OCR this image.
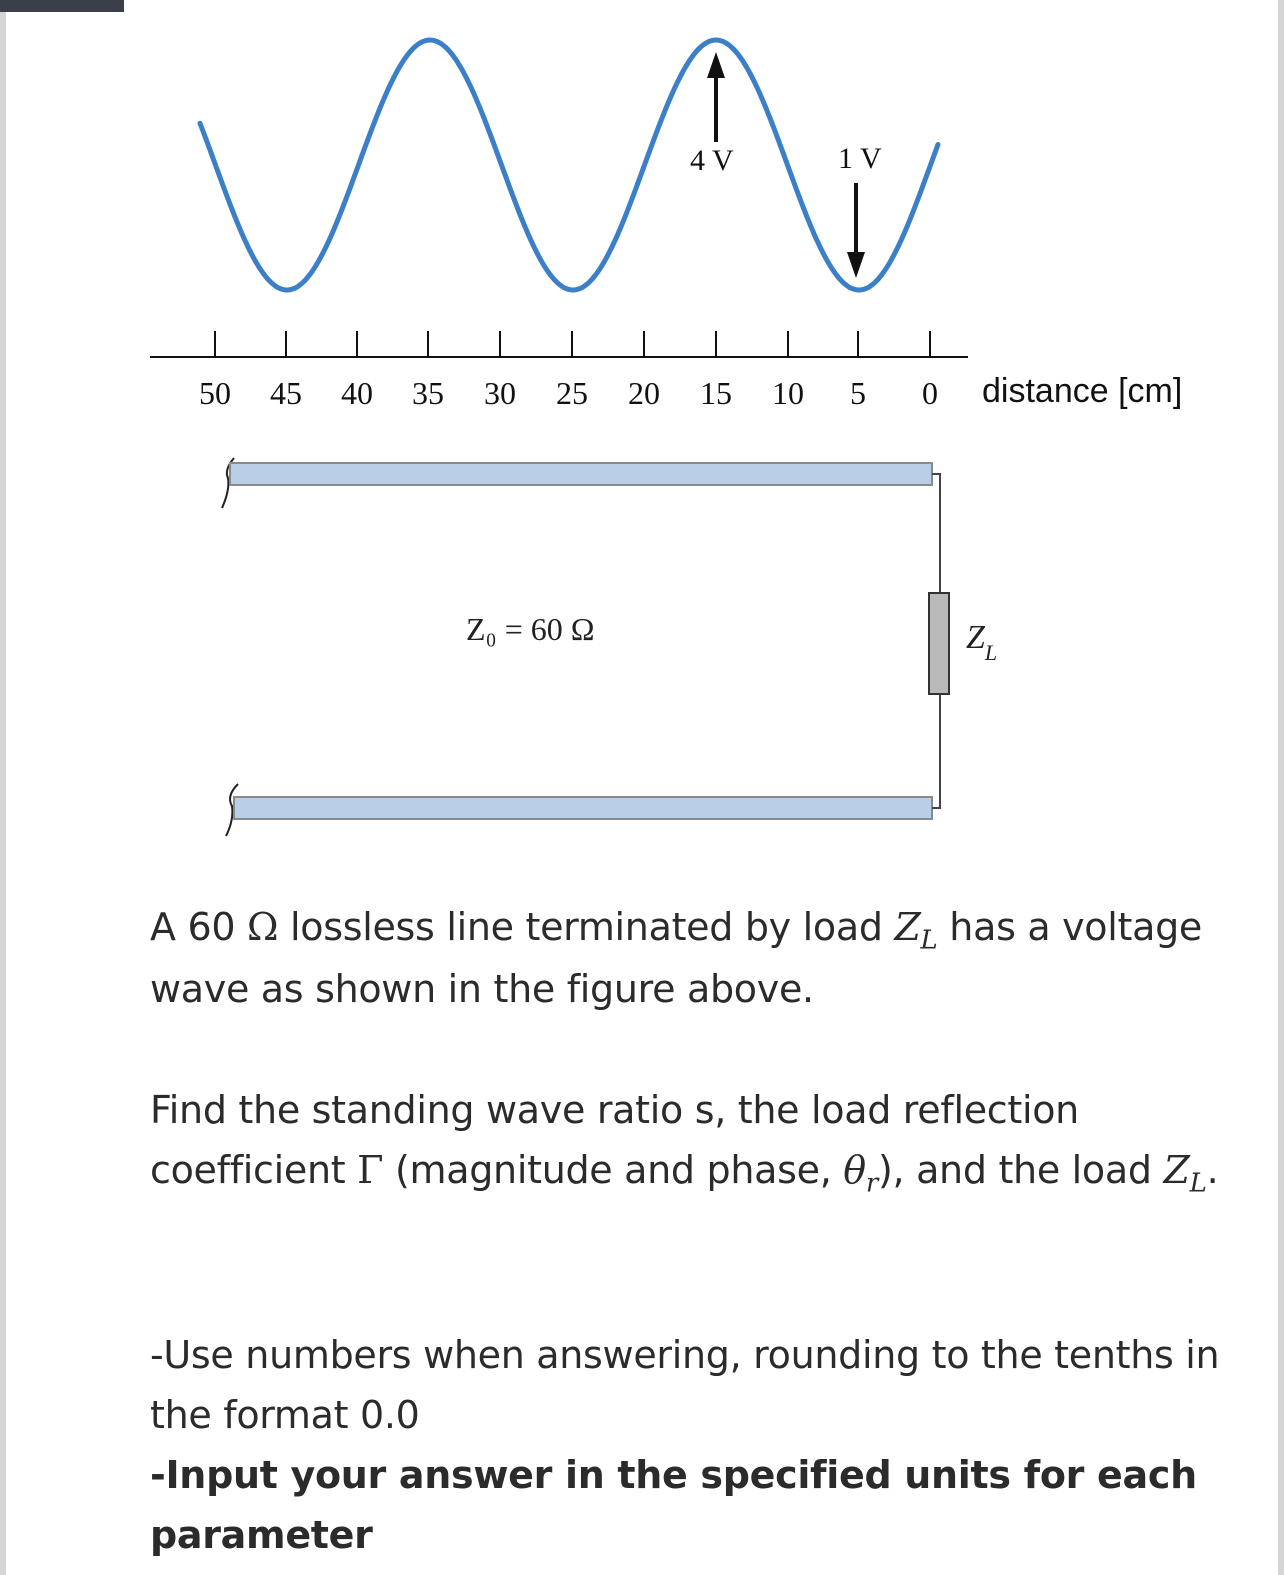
4 V	1 V
50 45 40 35 30 25 20 15 10 5 0 distance [cm]
Z₀ = 60 Ω	$Z_L$
A 60 Ω lossless line terminated by load $Z_L$ has a voltage wave as shown in the figure above.
Find the standing wave ratio s, the load reflection coefficient Γ (magnitude and phase, $\theta_r$), and the load $Z_L$.
-Use numbers when answering, rounding to the tenths in the format 0.0
-Input your answer in the specified units for each parameter
